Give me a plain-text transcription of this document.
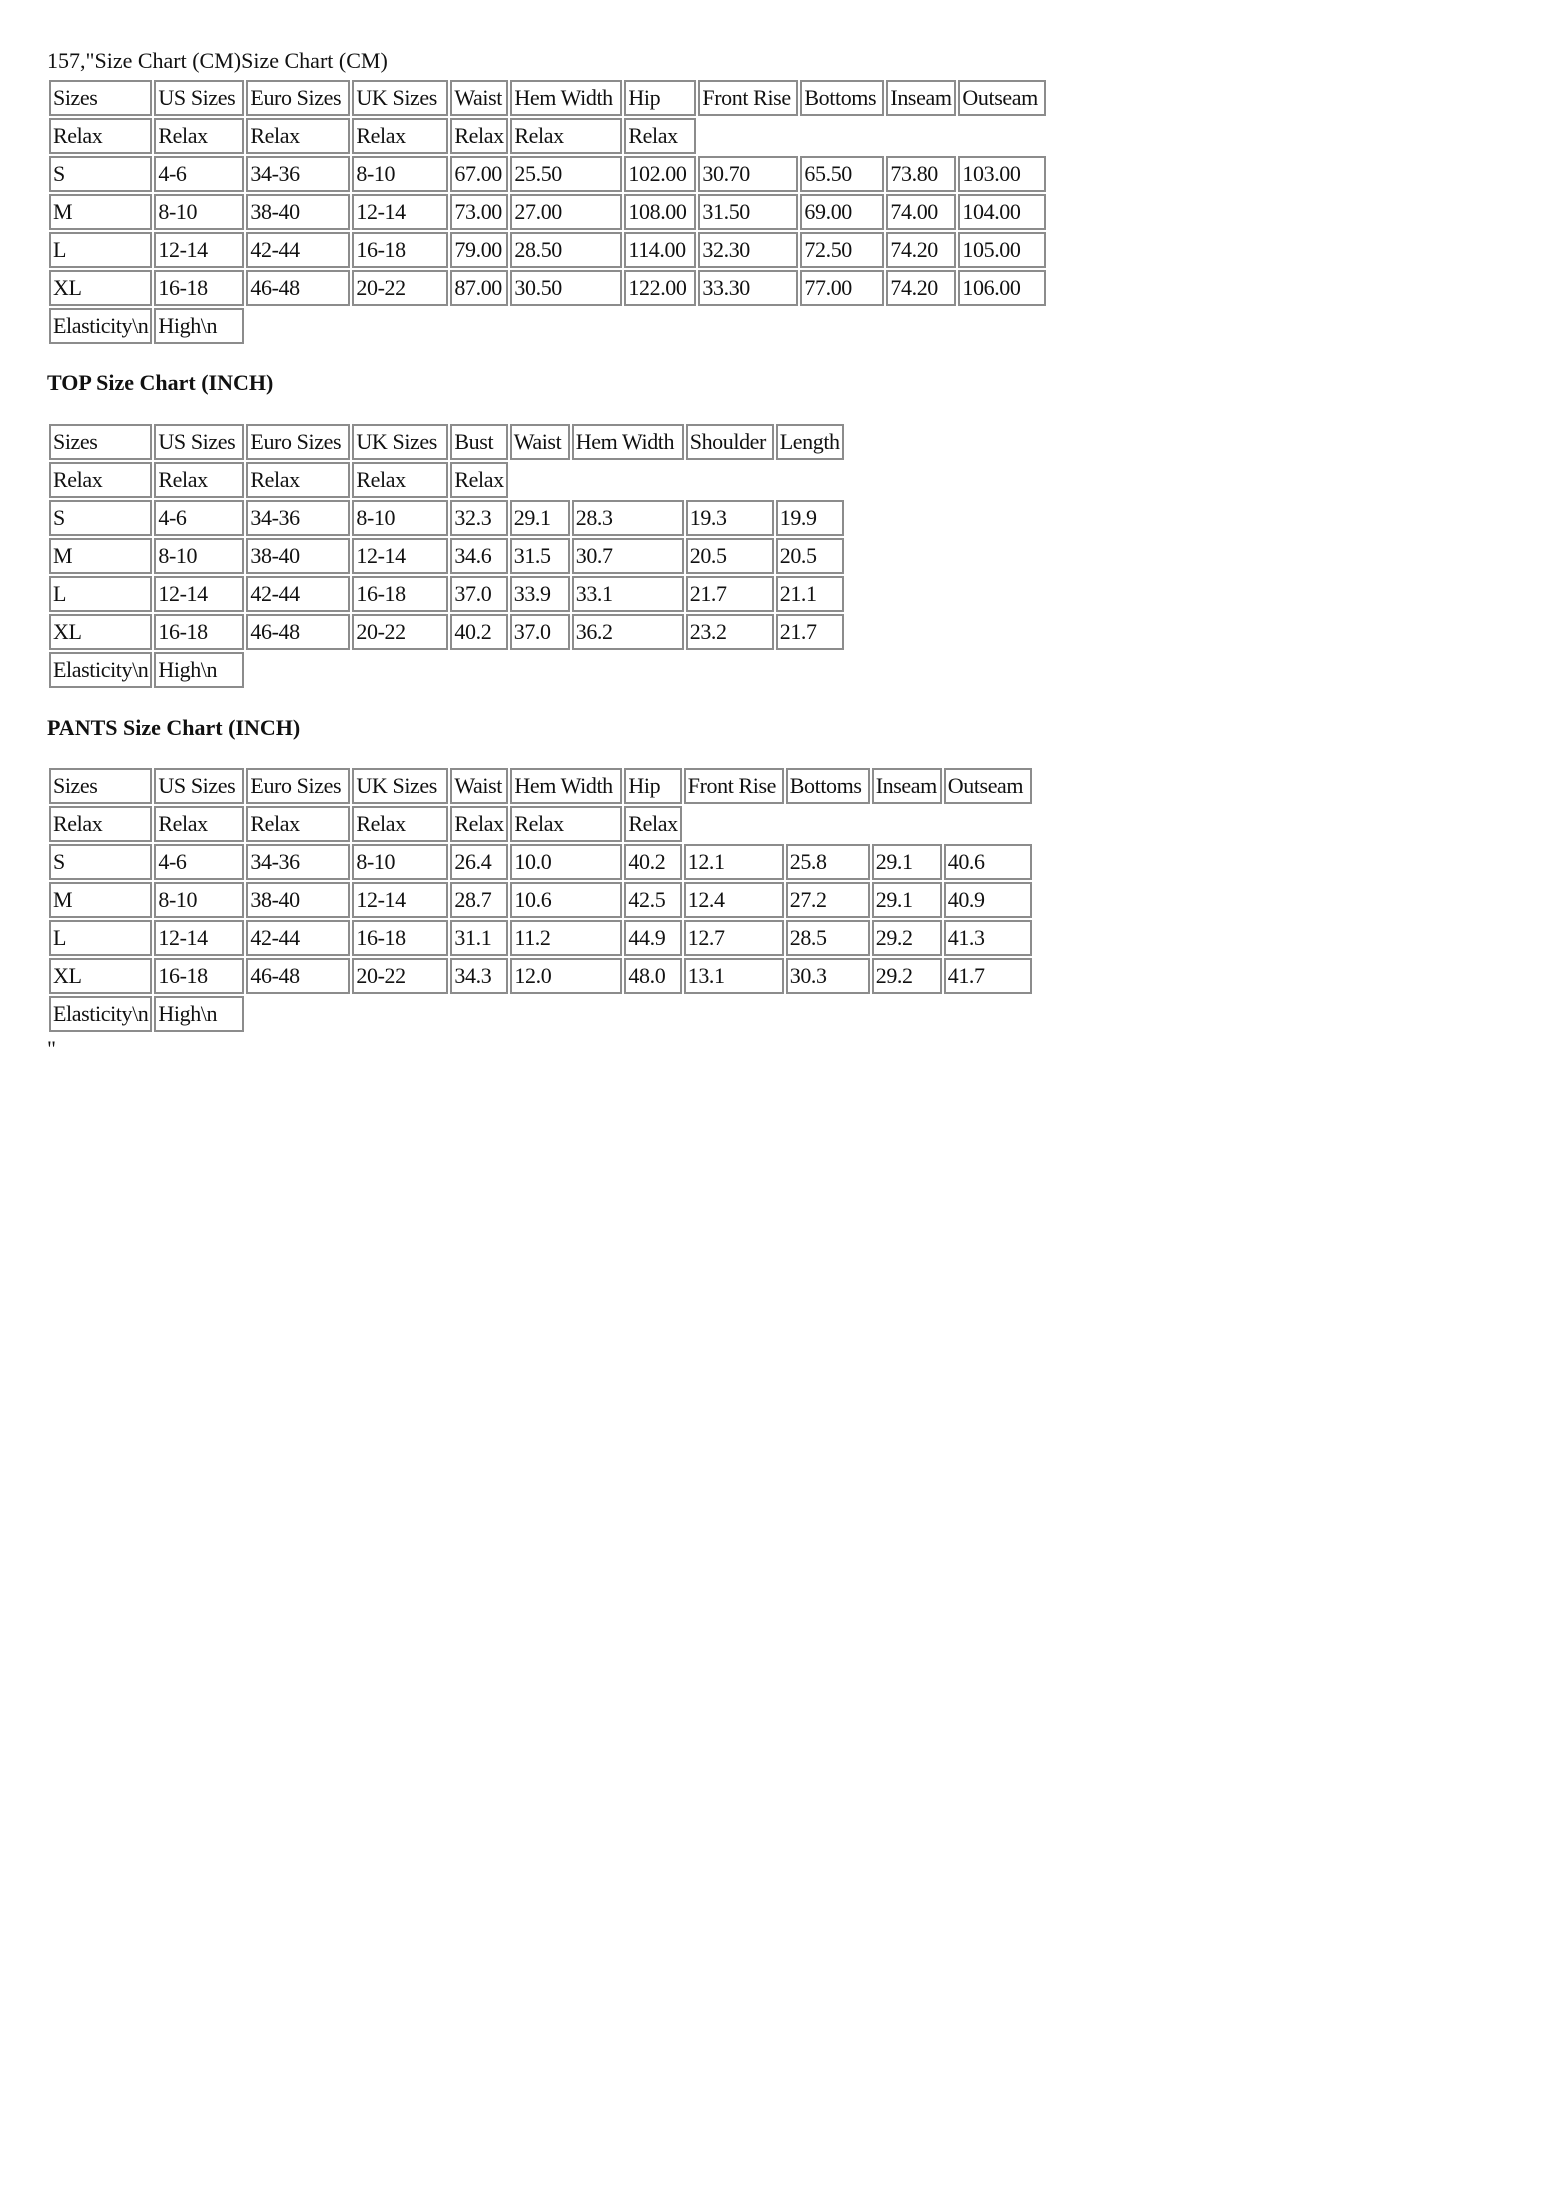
157,"Size Chart (CM)Size Chart (CM)
Sizes	US Sizes	Euro Sizes	UK Sizes	Waist	Hem Width	Hip	Front Rise	Bottoms	Inseam	Outseam
Relax	Relax	Relax	Relax	Relax	Relax	Relax				
S	4-6	34-36	8-10	67.00	25.50	102.00	30.70	65.50	73.80	103.00
M	8-10	38-40	12-14	73.00	27.00	108.00	31.50	69.00	74.00	104.00
L	12-14	42-44	16-18	79.00	28.50	114.00	32.30	72.50	74.20	105.00
XL	16-18	46-48	20-22	87.00	30.50	122.00	33.30	77.00	74.20	106.00
Elasticity\n	High\n									
TOP Size Chart (INCH)
Sizes	US Sizes	Euro Sizes	UK Sizes	Bust	Waist	Hem Width	Shoulder	Length
Relax	Relax	Relax	Relax	Relax				
S	4-6	34-36	8-10	32.3	29.1	28.3	19.3	19.9
M	8-10	38-40	12-14	34.6	31.5	30.7	20.5	20.5
L	12-14	42-44	16-18	37.0	33.9	33.1	21.7	21.1
XL	16-18	46-48	20-22	40.2	37.0	36.2	23.2	21.7
Elasticity\n	High\n							
PANTS Size Chart (INCH)
Sizes	US Sizes	Euro Sizes	UK Sizes	Waist	Hem Width	Hip	Front Rise	Bottoms	Inseam	Outseam
Relax	Relax	Relax	Relax	Relax	Relax	Relax				
S	4-6	34-36	8-10	26.4	10.0	40.2	12.1	25.8	29.1	40.6
M	8-10	38-40	12-14	28.7	10.6	42.5	12.4	27.2	29.1	40.9
L	12-14	42-44	16-18	31.1	11.2	44.9	12.7	28.5	29.2	41.3
XL	16-18	46-48	20-22	34.3	12.0	48.0	13.1	30.3	29.2	41.7
Elasticity\n	High\n									
"
